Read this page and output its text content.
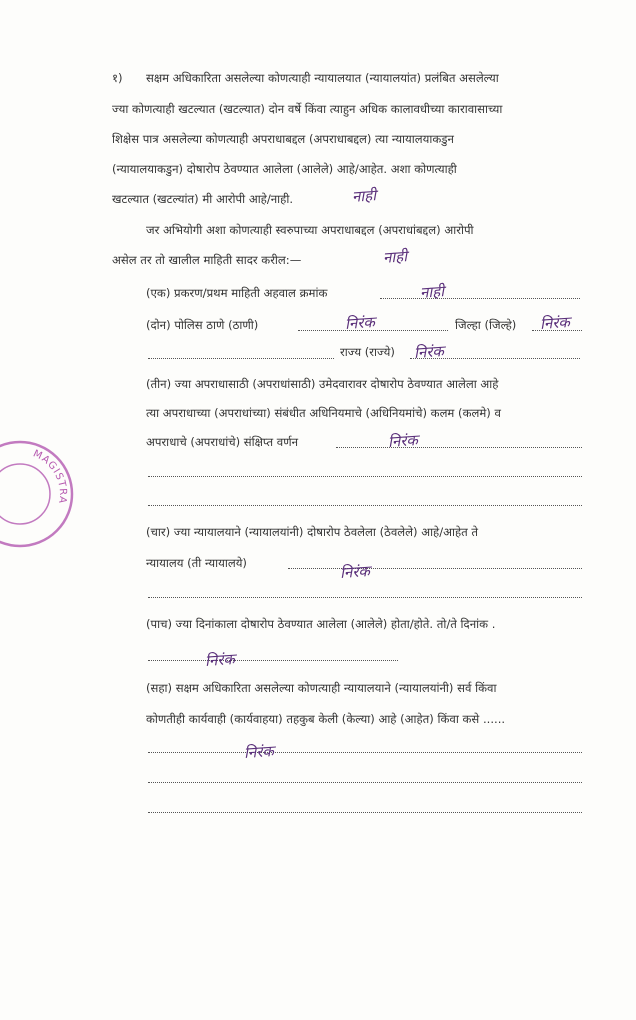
१) सक्षम अधिकारिता असलेल्या कोणत्याही न्यायालयात (न्यायालयांत) प्रलंबित असलेल्या
ज्या कोणत्याही खटल्यात (खटल्यात) दोन वर्षे किंवा त्याहुन अधिक कालावधीच्या कारावासाच्या
शिक्षेस पात्र असलेल्या कोणत्याही अपराधाबद्दल (अपराधाबद्दल) त्या न्यायालयाकडुन
(न्यायालयाकडुन) दोषारोप ठेवण्यात आलेला (आलेले) आहे/आहेत. अशा कोणत्याही
खटल्यात (खटल्यांत) मी आरोपी आहे/नाही.	नाही
जर अभियोगी अशा कोणत्याही स्वरुपाच्या अपराधाबद्दल (अपराधांबद्दल) आरोपी
असेल तर तो खालील माहिती सादर करील:—	नाही
(एक) प्रकरण/प्रथम माहिती अहवाल क्रमांक	नाही
(दोन) पोलिस ठाणे (ठाणी)	निरंक	जिल्हा (जिल्हे) निरंक
राज्य (राज्ये) निरंक
(तीन) ज्या अपराधासाठी (अपराधांसाठी) उमेदवारावर दोषारोप ठेवण्यात आलेला आहे
त्या अपराधाच्या (अपराधांच्या) संबंधीत अधिनियमाचे (अधिनियमांचे) कलम (कलमे) व
अपराधाचे (अपराधांचे) संक्षिप्त वर्णन	निरंक
(चार) ज्या न्यायालयाने (न्यायालयांनी) दोषारोप ठेवलेला (ठेवलेले) आहे/आहेत ते
न्यायालय (ती न्यायालये)	निरंक
(पाच) ज्या दिनांकाला दोषारोप ठेवण्यात आलेला (आलेले) होता/होते. तो/ते दिनांक .
निरंक
(सहा) सक्षम अधिकारिता असलेल्या कोणत्याही न्यायालयाने (न्यायालयांनी) सर्व किंवा
कोणतीही कार्यवाही (कार्यवाहया) तहकुब केली (केल्या) आहे (आहेत) किंवा कसे ......
निरंक
MAGISTRA
